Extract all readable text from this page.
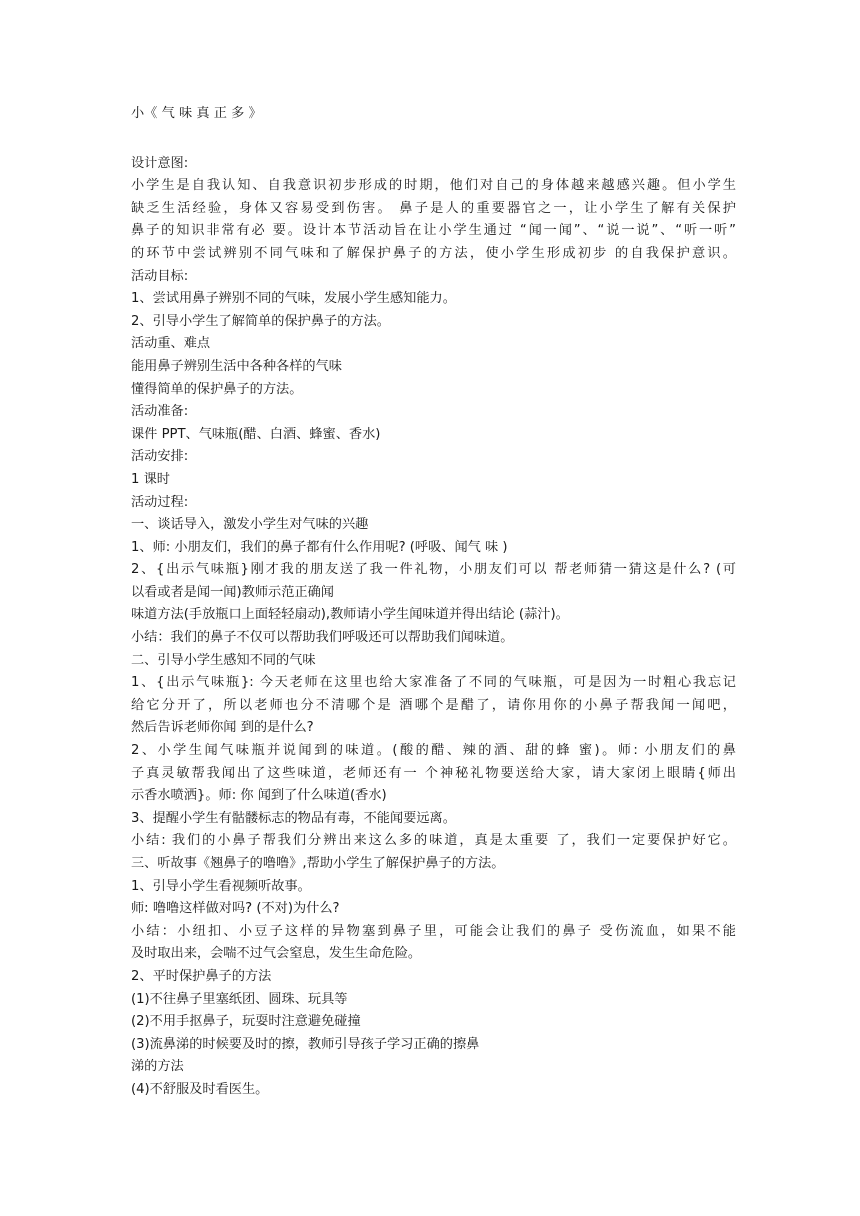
小《 气 味 真 正 多 》
设计意图:
小学生是自我认知、自我意识初步形成的时期，他们对自己的身体越来越感兴趣。但小学生
缺乏生活经验，身体又容易受到伤害。 鼻子是人的重要器官之一，让小学生了解有关保护
鼻子的知识非常有必 要。设计本节活动旨在让小学生通过 “闻一闻”、“说一说”、“听一听”
的环节中尝试辨别不同气味和了解保护鼻子的方法，使小学生形成初步 的自我保护意识。
活动目标:
1、尝试用鼻子辨别不同的气味，发展小学生感知能力。
2、引导小学生了解简单的保护鼻子的方法。
活动重、难点
能用鼻子辨别生活中各种各样的气味
懂得简单的保护鼻子的方法。
活动准备:
课件 PPT、气味瓶(醋、白酒、蜂蜜、香水)
活动安排:
1 课时
活动过程:
一、谈话导入，激发小学生对气味的兴趣
1、师: 小朋友们，我们的鼻子都有什么作用呢? (呼吸、闻气 味 )
2、{出示气味瓶}刚才我的朋友送了我一件礼物，小朋友们可以 帮老师猜一猜这是什么? (可
以看或者是闻一闻)教师示范正确闻
味道方法(手放瓶口上面轻轻扇动),教师请小学生闻味道并得出结论 (蒜汁)。
小结：我们的鼻子不仅可以帮助我们呼吸还可以帮助我们闻味道。
二、引导小学生感知不同的气味
1、{出示气味瓶}: 今天老师在这里也给大家准备了不同的气味瓶，可是因为一时粗心我忘记
给它分开了，所以老师也分不清哪个是 酒哪个是醋了，请你用你的小鼻子帮我闻一闻吧，
然后告诉老师你闻 到的是什么?
2、小学生闻气味瓶并说闻到的味道。(酸的醋、辣的酒、甜的蜂 蜜)。师: 小朋友们的鼻
子真灵敏帮我闻出了这些味道，老师还有一 个神秘礼物要送给大家，请大家闭上眼睛{师出
示香水喷洒}。师: 你 闻到了什么味道(香水)
3、提醒小学生有骷髅标志的物品有毒，不能闻要远离。
小结: 我们的小鼻子帮我们分辨出来这么多的味道，真是太重要 了，我们一定要保护好它。
三、听故事《翘鼻子的噜噜》,帮助小学生了解保护鼻子的方法。
1、引导小学生看视频听故事。
师: 噜噜这样做对吗? (不对)为什么?
小结：小纽扣、小豆子这样的异物塞到鼻子里，可能会让我们的鼻子 受伤流血，如果不能
及时取出来，会喘不过气会窒息，发生生命危险。
2、平时保护鼻子的方法
(1)不往鼻子里塞纸团、圆珠、玩具等
(2)不用手抠鼻子，玩耍时注意避免碰撞
(3)流鼻涕的时候要及时的擦，教师引导孩子学习正确的擦鼻
涕的方法
(4)不舒服及时看医生。
